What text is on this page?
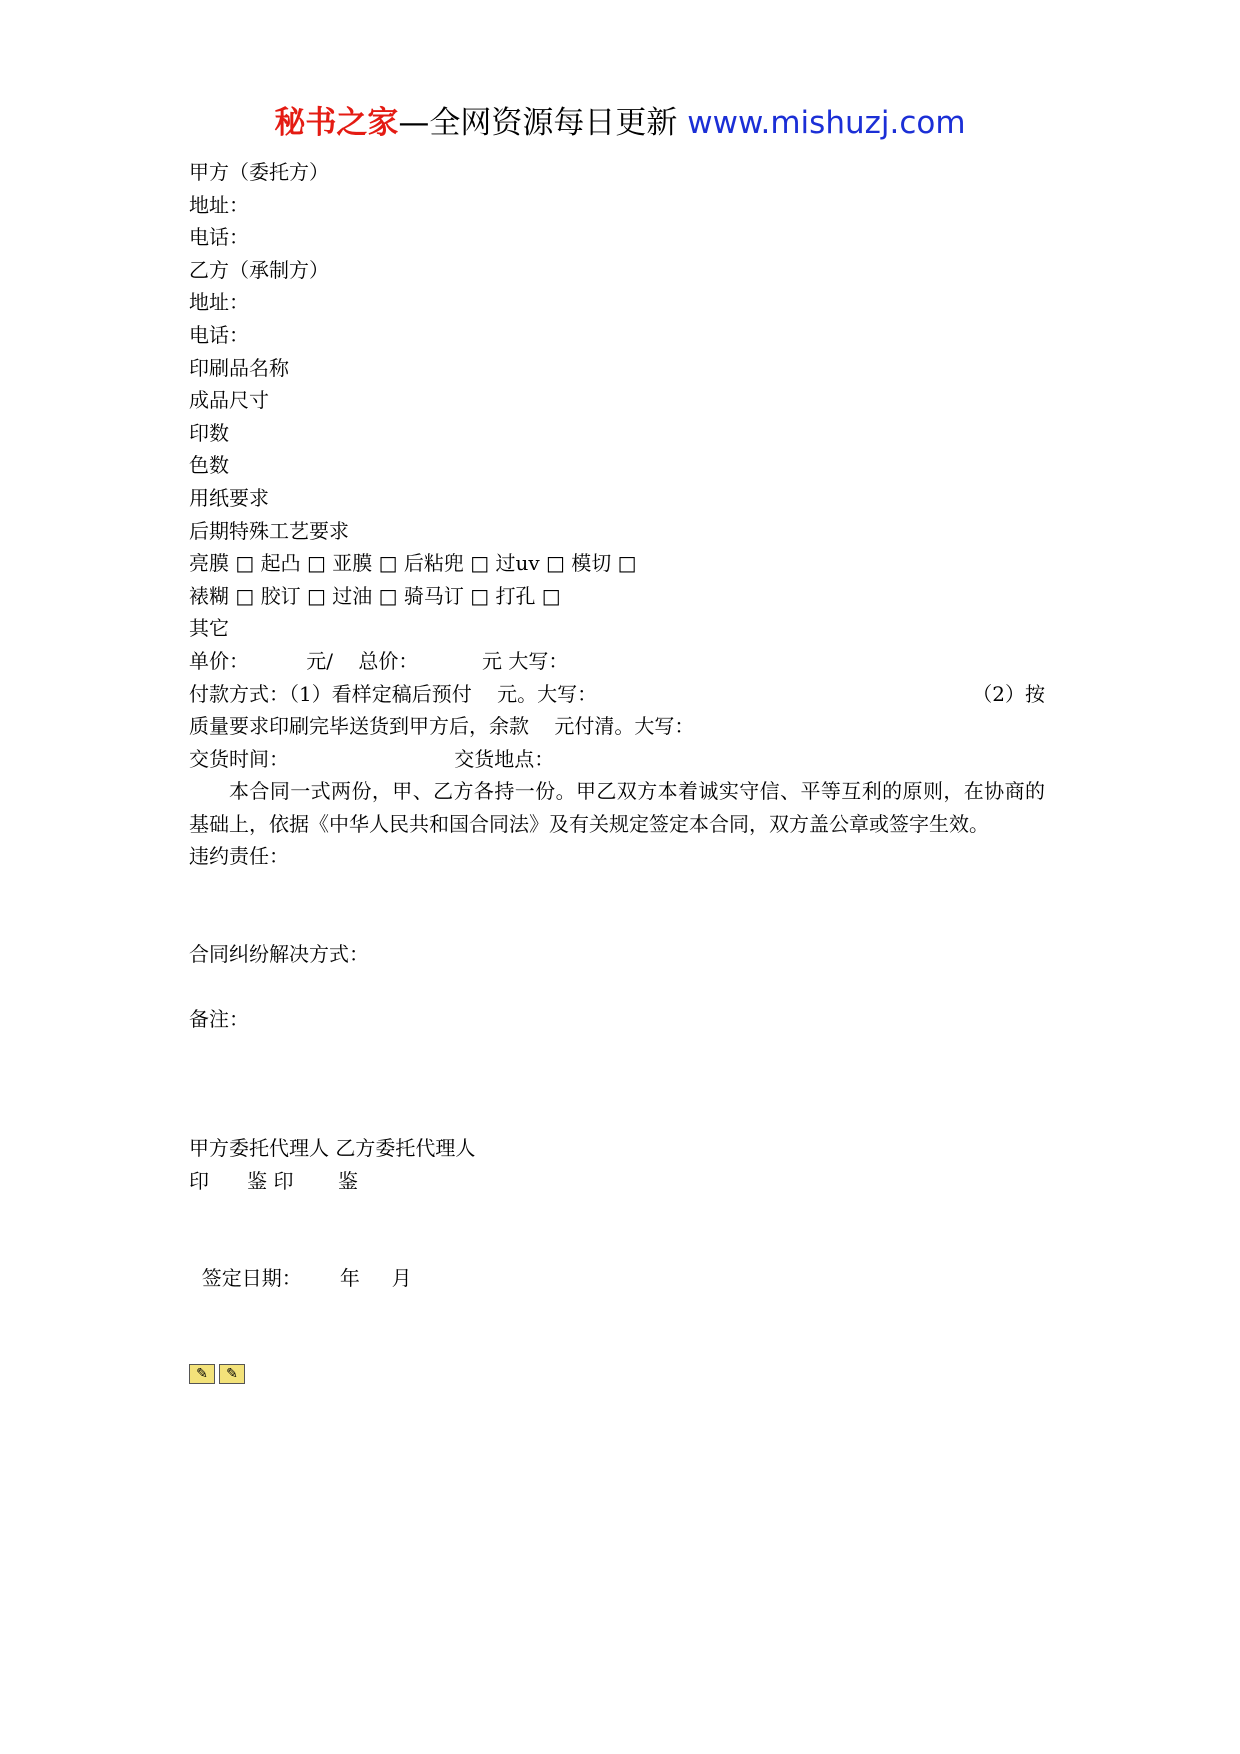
秘书之家—全网资源每日更新 www.mishuzj.com
甲方（委托方）
地址：
电话：
乙方（承制方）
地址：
电话：
印刷品名称
成品尺寸
印数
色数
用纸要求
后期特殊工艺要求
亮膜 □ 起凸 □ 亚膜 □ 后粘兜 □ 过uv □ 模切 □
裱糊 □ 胶订 □ 过油 □ 骑马订 □ 打孔 □
其它
单价：         元/    总价：          元 大写：
付款方式：（1）看样定稿后预付    元。大写：	（2）按
质量要求印刷完毕送货到甲方后，余款    元付清。大写：
交货时间：                          交货地点：
本合同一式两份，甲、乙方各持一份。甲乙双方本着诚实守信、平等互利的原则，在协商的基础上，依据《中华人民共和国合同法》及有关规定签定本合同，双方盖公章或签字生效。
违约责任：
合同纠纷解决方式：
备注：
甲方委托代理人 乙方委托代理人
印      鉴 印       鉴
签定日期：      年     月
✎	✎
